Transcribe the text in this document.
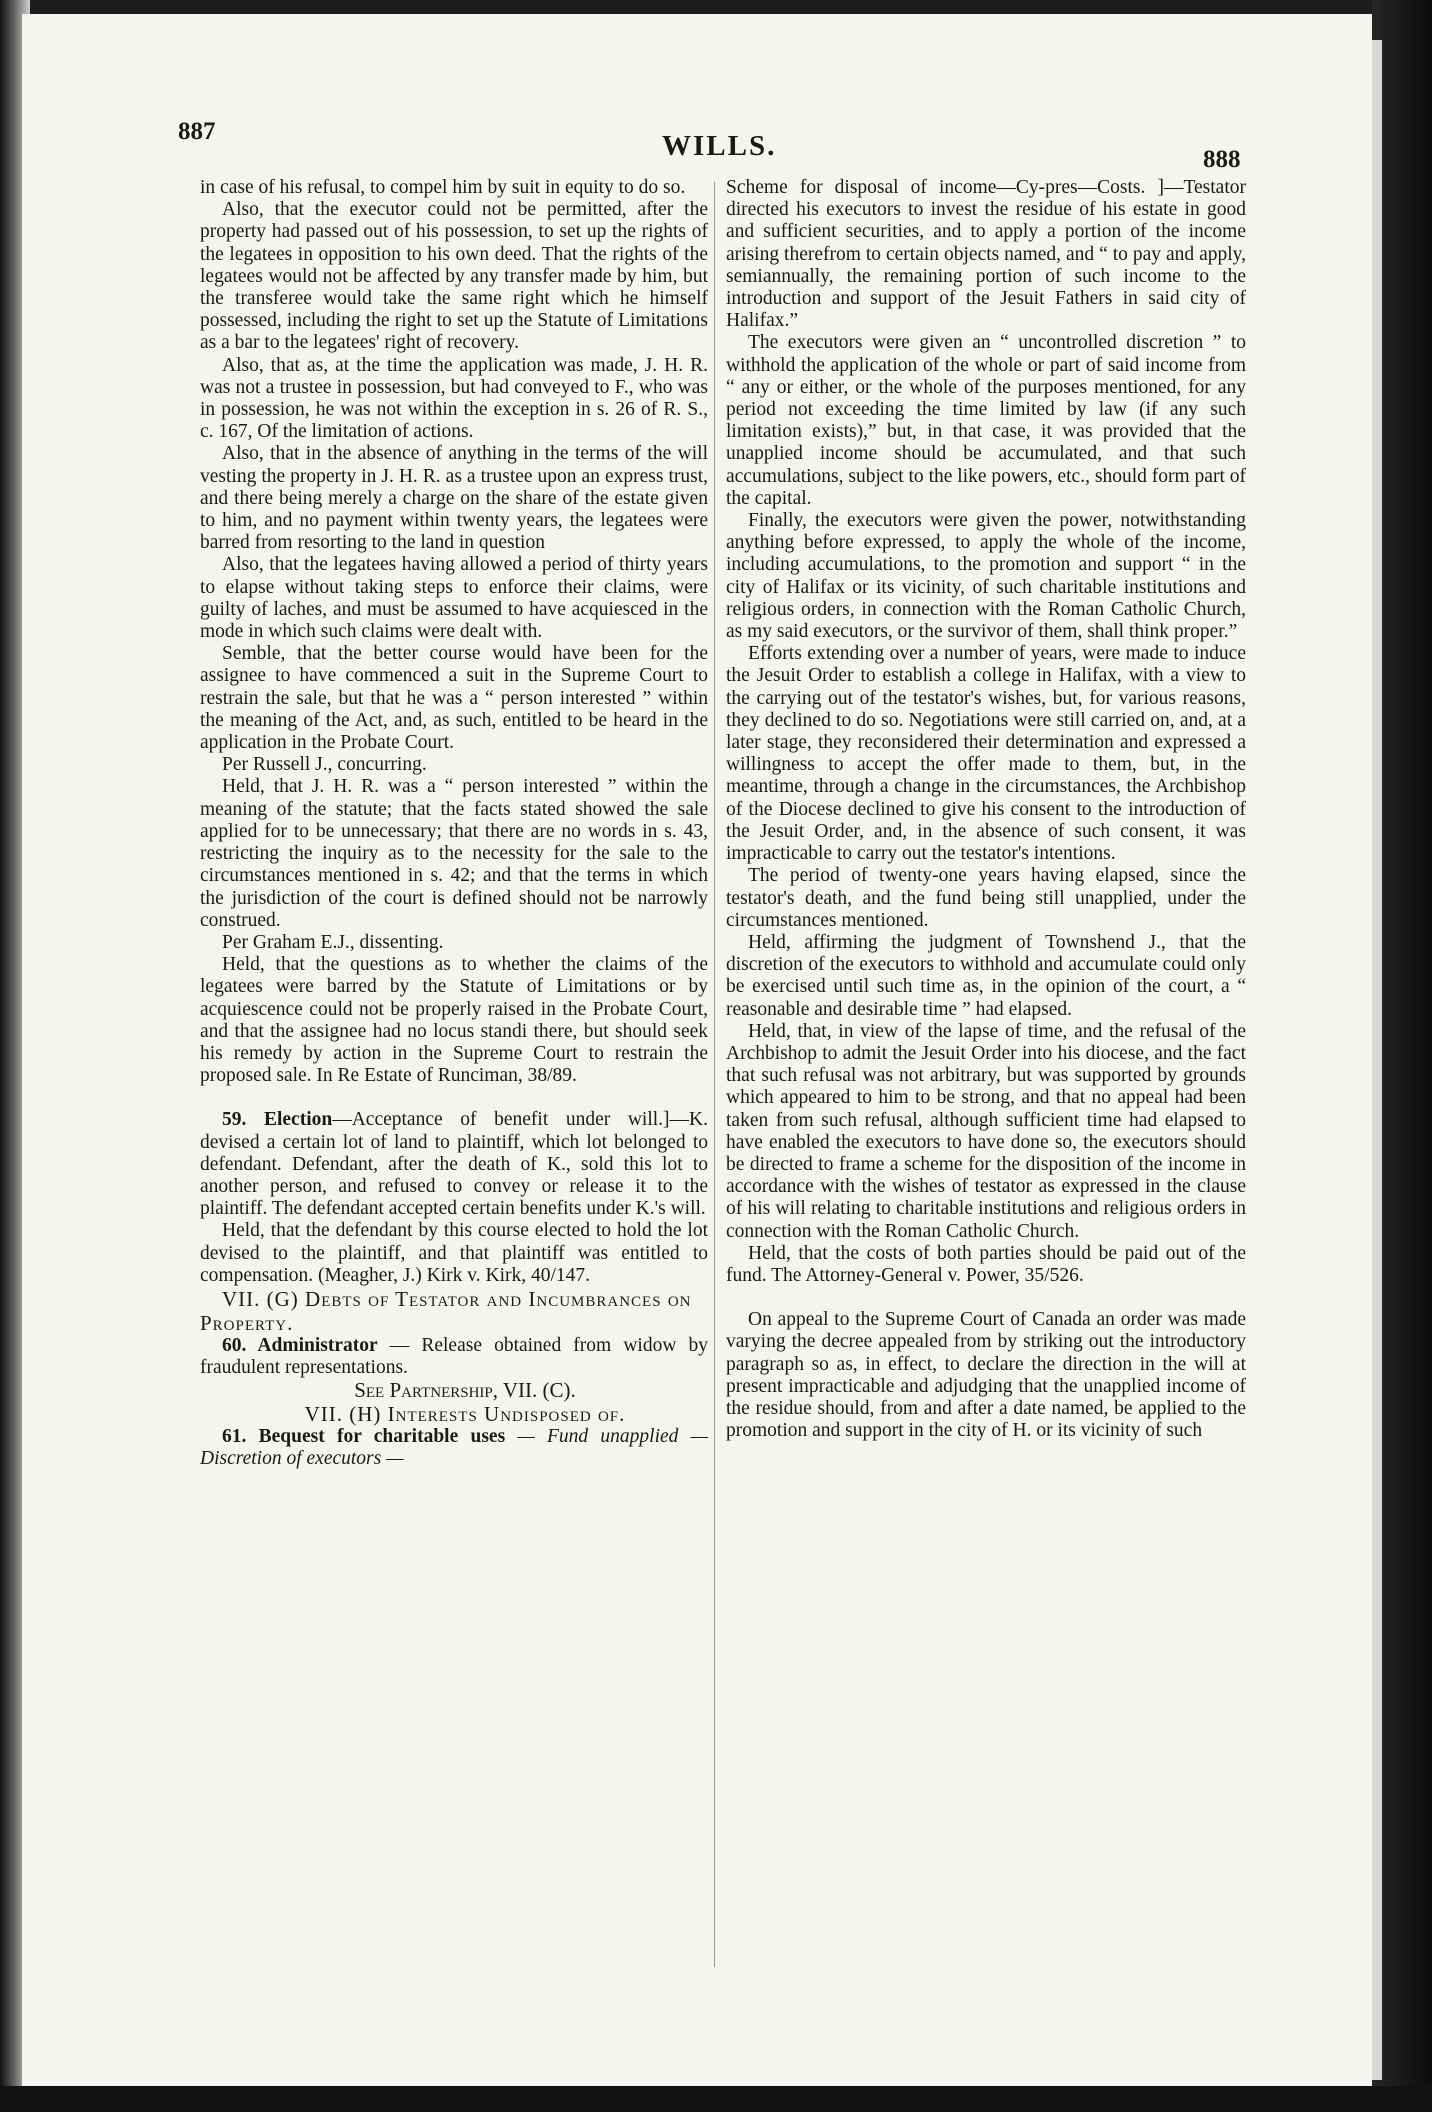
887	WILLS.	888

in case of his refusal, to compel him by suit in equity to do so.

Also, that the executor could not be permitted, after the property had passed out of his possession, to set up the rights of the legatees in opposition to his own deed. That the rights of the legatees would not be affected by any transfer made by him, but the transferee would take the same right which he himself possessed, including the right to set up the Statute of Limitations as a bar to the legatees' right of recovery.

Also, that as, at the time the application was made, J. H. R. was not a trustee in possession, but had conveyed to F., who was in possession, he was not within the exception in s. 26 of R. S., c. 167, Of the limitation of actions.

Also, that in the absence of anything in the terms of the will vesting the property in J. H. R. as a trustee upon an express trust, and there being merely a charge on the share of the estate given to him, and no payment within twenty years, the legatees were barred from resorting to the land in question

Also, that the legatees having allowed a period of thirty years to elapse without taking steps to enforce their claims, were guilty of laches, and must be assumed to have acquiesced in the mode in which such claims were dealt with.

Semble, that the better course would have been for the assignee to have commenced a suit in the Supreme Court to restrain the sale, but that he was a “ person interested ” within the meaning of the Act, and, as such, entitled to be heard in the application in the Probate Court.

Per Russell J., concurring.

Held, that J. H. R. was a “ person interested ” within the meaning of the statute; that the facts stated showed the sale applied for to be unnecessary; that there are no words in s. 43, restricting the inquiry as to the necessity for the sale to the circumstances mentioned in s. 42; and that the terms in which the jurisdiction of the court is defined should not be narrowly construed.

Per Graham E.J., dissenting.

Held, that the questions as to whether the claims of the legatees were barred by the Statute of Limitations or by acquiescence could not be properly raised in the Probate Court, and that the assignee had no locus standi there, but should seek his remedy by action in the Supreme Court to restrain the proposed sale. In Re Estate of Runciman, 38/89.

59. Election—Acceptance of benefit under will.]—K. devised a certain lot of land to plaintiff, which lot belonged to defendant. Defendant, after the death of K., sold this lot to another person, and refused to convey or release it to the plaintiff. The defendant accepted certain benefits under K.'s will.

Held, that the defendant by this course elected to hold the lot devised to the plaintiff, and that plaintiff was entitled to compensation. (Meagher, J.) Kirk v. Kirk, 40/147.

VII. (G) Debts of Testator and Incumbrances on Property.

60. Administrator — Release obtained from widow by fraudulent representations.

See Partnership, VII. (C).

VII. (H) Interests Undisposed of.

61. Bequest for charitable uses — Fund unapplied — Discretion of executors —

Scheme for disposal of income—Cy-pres—Costs. ]—Testator directed his executors to invest the residue of his estate in good and sufficient securities, and to apply a portion of the income arising therefrom to certain objects named, and “ to pay and apply, semiannually, the remaining portion of such income to the introduction and support of the Jesuit Fathers in said city of Halifax.”

The executors were given an “ uncontrolled discretion ” to withhold the application of the whole or part of said income from “ any or either, or the whole of the purposes mentioned, for any period not exceeding the time limited by law (if any such limitation exists),” but, in that case, it was provided that the unapplied income should be accumulated, and that such accumulations, subject to the like powers, etc., should form part of the capital.

Finally, the executors were given the power, notwithstanding anything before expressed, to apply the whole of the income, including accumulations, to the promotion and support “ in the city of Halifax or its vicinity, of such charitable institutions and religious orders, in connection with the Roman Catholic Church, as my said executors, or the survivor of them, shall think proper.”

Efforts extending over a number of years, were made to induce the Jesuit Order to establish a college in Halifax, with a view to the carrying out of the testator's wishes, but, for various reasons, they declined to do so. Negotiations were still carried on, and, at a later stage, they reconsidered their determination and expressed a willingness to accept the offer made to them, but, in the meantime, through a change in the circumstances, the Archbishop of the Diocese declined to give his consent to the introduction of the Jesuit Order, and, in the absence of such consent, it was impracticable to carry out the testator's intentions.

The period of twenty-one years having elapsed, since the testator's death, and the fund being still unapplied, under the circumstances mentioned.

Held, affirming the judgment of Townshend J., that the discretion of the executors to withhold and accumulate could only be exercised until such time as, in the opinion of the court, a “ reasonable and desirable time ” had elapsed.

Held, that, in view of the lapse of time, and the refusal of the Archbishop to admit the Jesuit Order into his diocese, and the fact that such refusal was not arbitrary, but was supported by grounds which appeared to him to be strong, and that no appeal had been taken from such refusal, although sufficient time had elapsed to have enabled the executors to have done so, the executors should be directed to frame a scheme for the disposition of the income in accordance with the wishes of testator as expressed in the clause of his will relating to charitable institutions and religious orders in connection with the Roman Catholic Church.

Held, that the costs of both parties should be paid out of the fund. The Attorney-General v. Power, 35/526.

On appeal to the Supreme Court of Canada an order was made varying the decree appealed from by striking out the introductory paragraph so as, in effect, to declare the direction in the will at present impracticable and adjudging that the unapplied income of the residue should, from and after a date named, be applied to the promotion and support in the city of H. or its vicinity of such
